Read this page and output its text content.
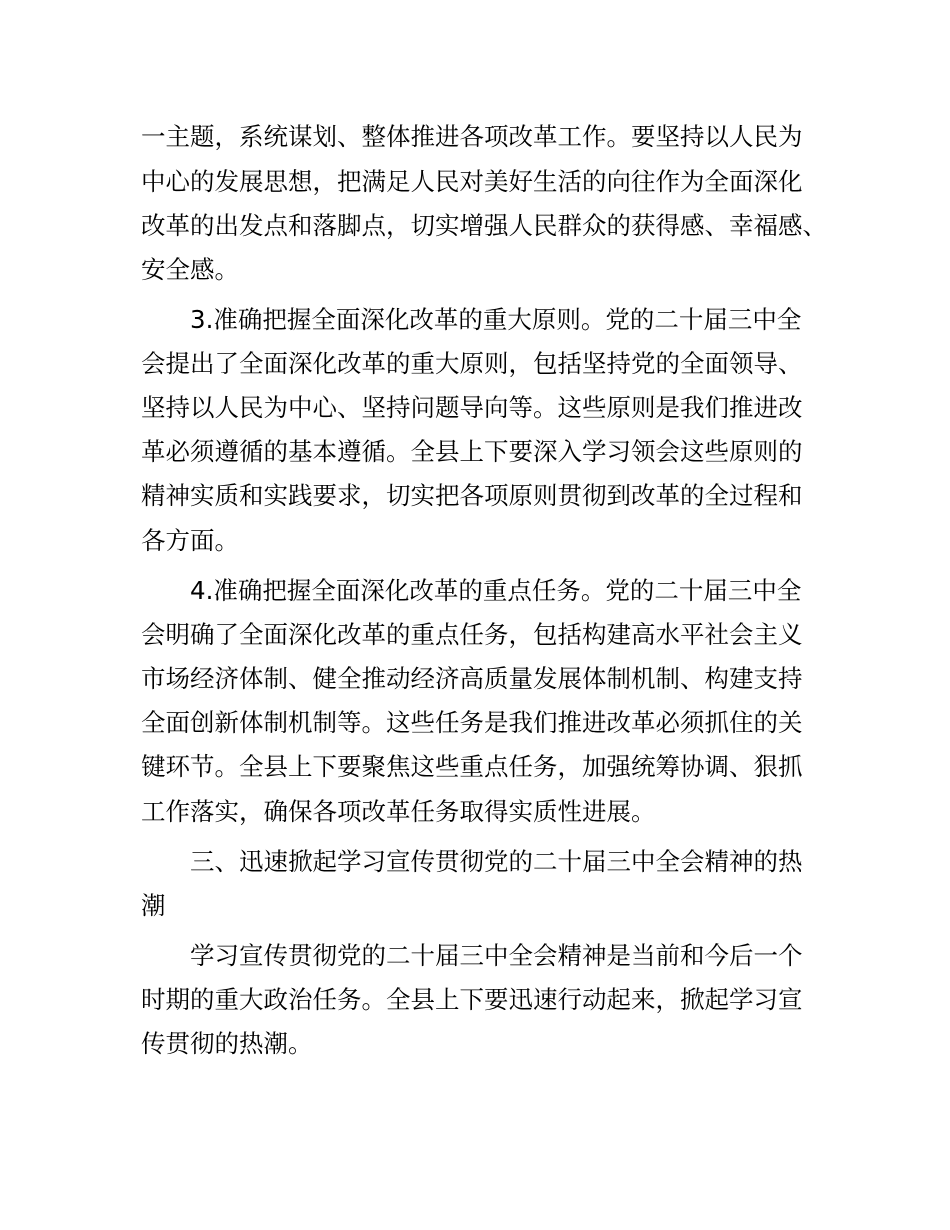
一主题，系统谋划、整体推进各项改革工作。要坚持以人民为
中心的发展思想，把满足人民对美好生活的向往作为全面深化
改革的出发点和落脚点，切实增强人民群众的获得感、幸福感、
安全感。
3.准确把握全面深化改革的重大原则。党的二十届三中全
会提出了全面深化改革的重大原则，包括坚持党的全面领导、
坚持以人民为中心、坚持问题导向等。这些原则是我们推进改
革必须遵循的基本遵循。全县上下要深入学习领会这些原则的
精神实质和实践要求，切实把各项原则贯彻到改革的全过程和
各方面。
4.准确把握全面深化改革的重点任务。党的二十届三中全
会明确了全面深化改革的重点任务，包括构建高水平社会主义
市场经济体制、健全推动经济高质量发展体制机制、构建支持
全面创新体制机制等。这些任务是我们推进改革必须抓住的关
键环节。全县上下要聚焦这些重点任务，加强统筹协调、狠抓
工作落实，确保各项改革任务取得实质性进展。
三、迅速掀起学习宣传贯彻党的二十届三中全会精神的热
潮
学习宣传贯彻党的二十届三中全会精神是当前和今后一个
时期的重大政治任务。全县上下要迅速行动起来，掀起学习宣
传贯彻的热潮。
